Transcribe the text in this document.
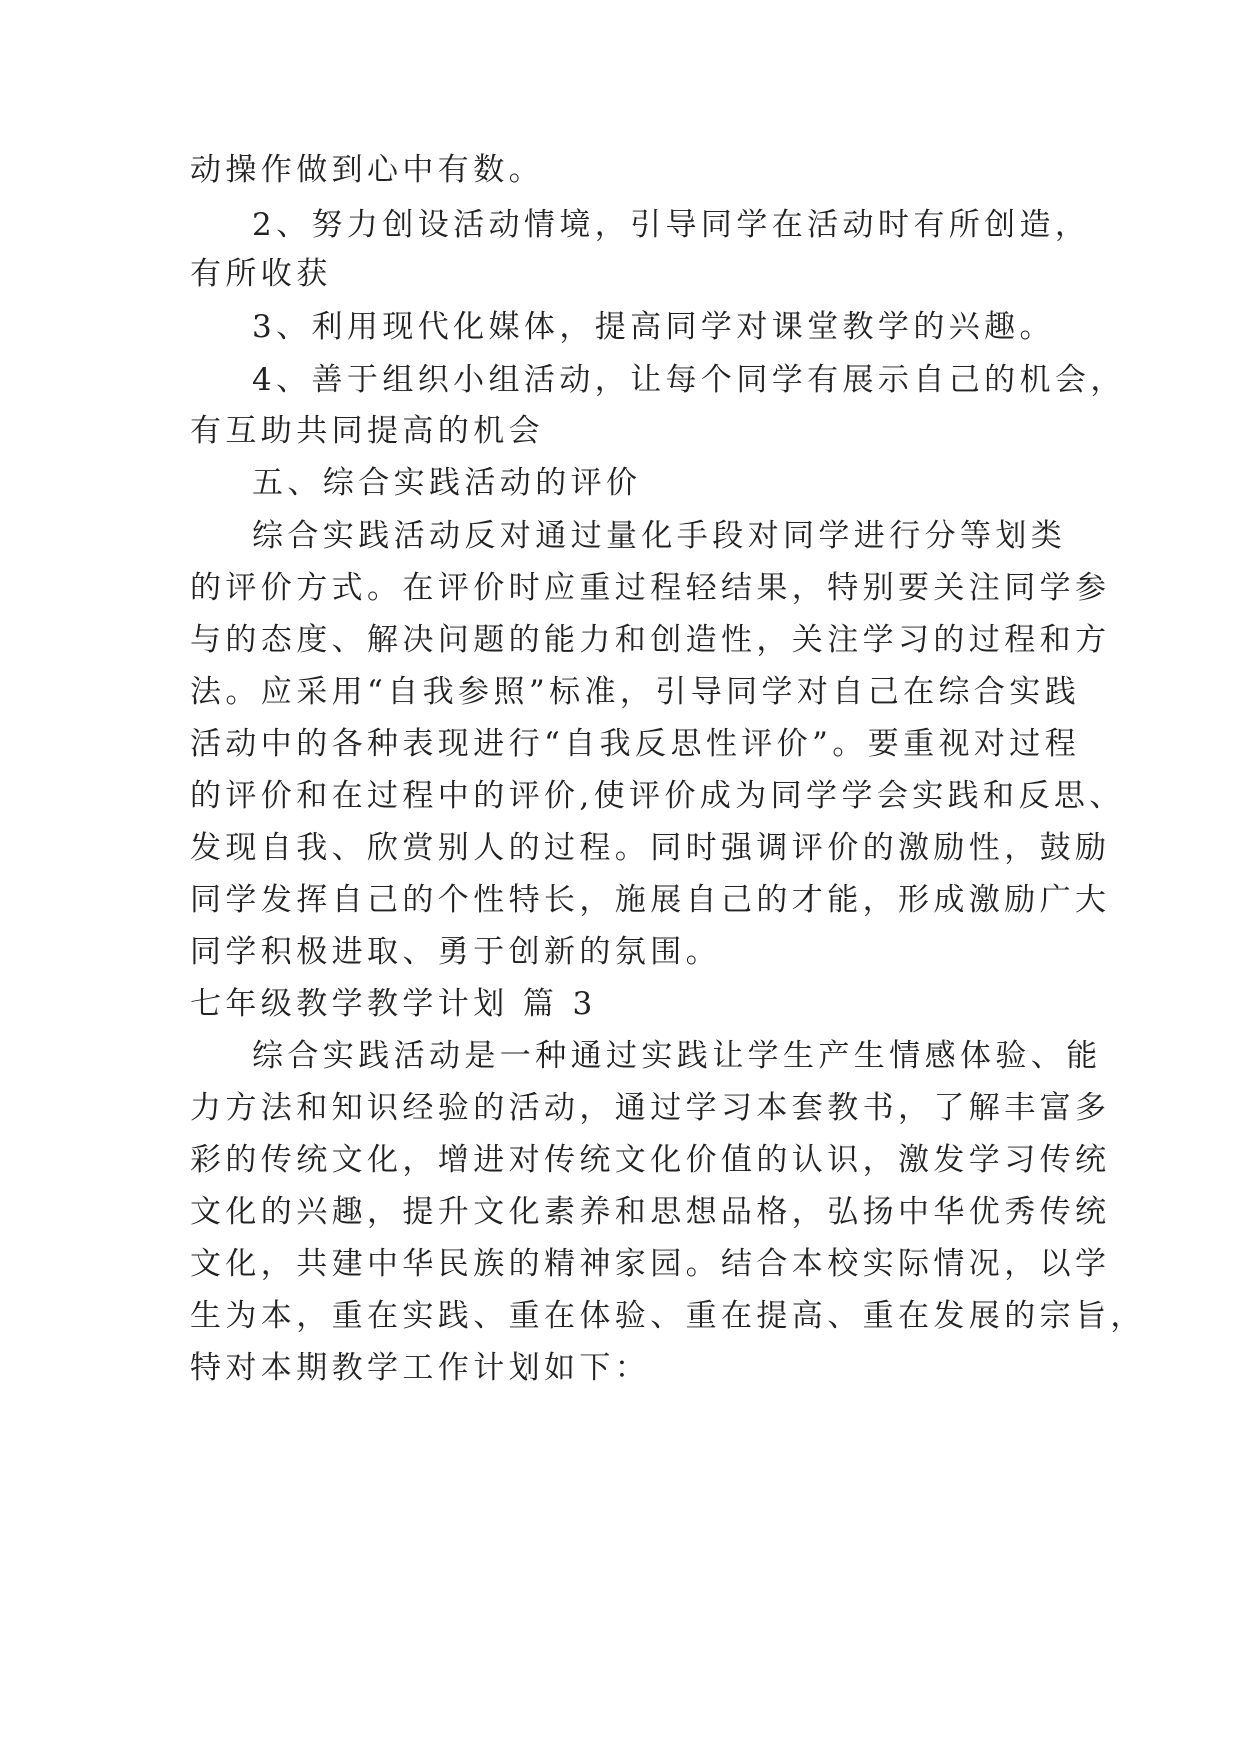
动操作做到心中有数。
2、努力创设活动情境，引导同学在活动时有所创造，
有所收获
3、利用现代化媒体，提高同学对课堂教学的兴趣。
4、善于组织小组活动，让每个同学有展示自己的机会，
有互助共同提高的机会
五、综合实践活动的评价
综合实践活动反对通过量化手段对同学进行分等划类
的评价方式。在评价时应重过程轻结果，特别要关注同学参
与的态度、解决问题的能力和创造性，关注学习的过程和方
法。应采用“自我参照”标准，引导同学对自己在综合实践
活动中的各种表现进行“自我反思性评价”。要重视对过程
的评价和在过程中的评价,使评价成为同学学会实践和反思、
发现自我、欣赏别人的过程。同时强调评价的激励性，鼓励
同学发挥自己的个性特长，施展自己的才能，形成激励广大
同学积极进取、勇于创新的氛围。
七年级教学教学计划 篇 3
综合实践活动是一种通过实践让学生产生情感体验、能
力方法和知识经验的活动，通过学习本套教书，了解丰富多
彩的传统文化，增进对传统文化价值的认识，激发学习传统
文化的兴趣，提升文化素养和思想品格，弘扬中华优秀传统
文化，共建中华民族的精神家园。结合本校实际情况，以学
生为本，重在实践、重在体验、重在提高、重在发展的宗旨，
特对本期教学工作计划如下：
